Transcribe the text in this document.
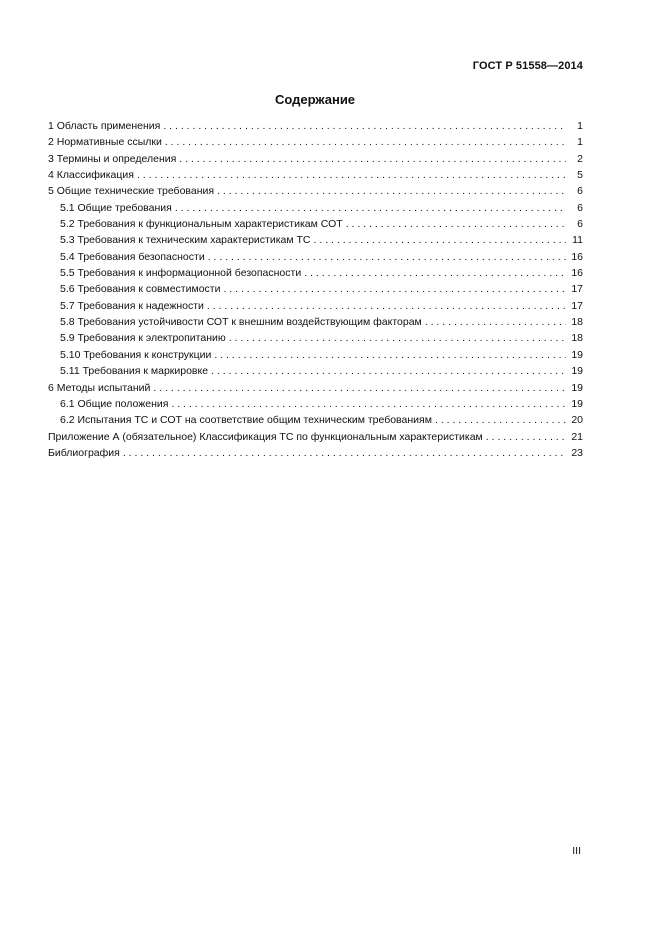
ГОСТ Р 51558—2014
Содержание
1 Область применения . . .	1
2 Нормативные ссылки . . .	1
3 Термины и определения . . .	2
4 Классификация . . .	5
5 Общие технические требования . . .	6
5.1 Общие требования . . .	6
5.2 Требования к функциональным характеристикам СОТ . . .	6
5.3 Требования к техническим характеристикам ТС . . .	11
5.4 Требования безопасности . . .	16
5.5 Требования к информационной безопасности . . .	16
5.6 Требования к совместимости . . .	17
5.7 Требования к надежности . . .	17
5.8 Требования устойчивости СОТ к внешним воздействующим факторам . . .	18
5.9 Требования к электропитанию . . .	18
5.10 Требования к конструкции . . .	19
5.11 Требования к маркировке . . .	19
6 Методы испытаний . . .	19
6.1 Общие положения . . .	19
6.2 Испытания ТС и СОТ на соответствие общим техническим требованиям . . .	20
Приложение А (обязательное) Классификация ТС по функциональным характеристикам . . .	21
Библиография . . .	23
III
